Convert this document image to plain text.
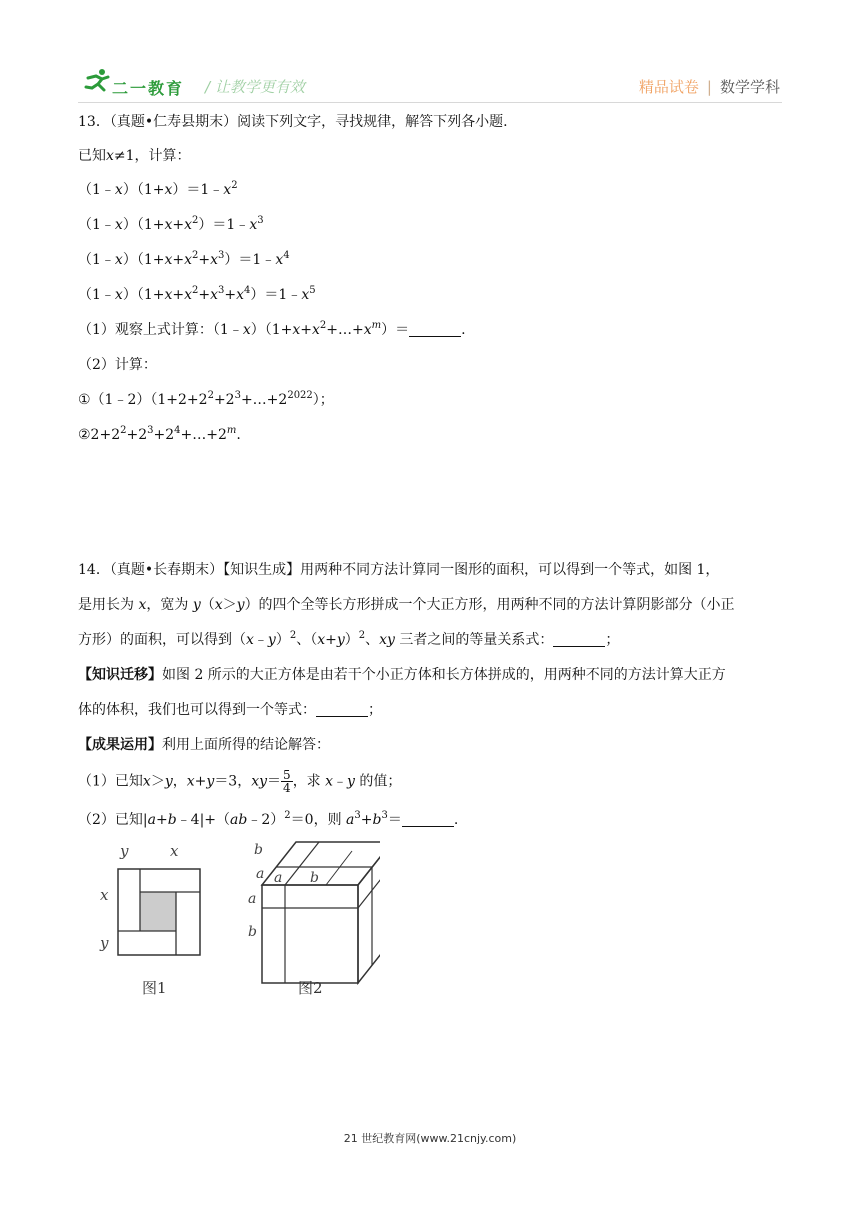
二一教育 / 让教学更有效	精品试卷 | 数学学科
13．（真题•仁寿县期末）阅读下列文字，寻找规律，解答下列各小题.
已知x≠1，计算：
$(1﹣x)(1+x)=1﹣x^2$
$(1﹣x)(1+x+x^2)=1﹣x^3$
$(1﹣x)(1+x+x^2+x^3)=1﹣x^4$
$(1﹣x)(1+x+x^2+x^3+x^4)=1﹣x^5$
（1）观察上式计算：$(1﹣x)(1+x+x^2+\dots+x^m)=$	.
（2）计算：
$①(1﹣2)(1+2+2^2+2^3+\dots+2^{2022})$；
$②2+2^2+2^3+2^4+\dots+2^m$.
14．（真题•长春期末）【知识生成】用两种不同方法计算同一图形的面积，可以得到一个等式，如图 1，
是用长为 x，宽为 y（x＞y）的四个全等长方形拼成一个大正方形，用两种不同的方法计算阴影部分（小正
方形）的面积，可以得到（x﹣y）$^2$、$(x+y)^2$、xy 三者之间的等量关系式：	；
【知识迁移】如图 2 所示的大正方体是由若干个小正方体和长方体拼成的，用两种不同的方法计算大正方
体的体积，我们也可以得到一个等式：	；
【成果运用】利用上面所得的结论解答：
（1）已知x＞y，x+y＝3，$xy= \frac{5}{4}$ ，求 x﹣y 的值；
（2）已知|a+b﹣4|+（ab﹣2）$^2$＝0，则 $a^3+b^3=$	.
y	x
x
y
图1
b
a a b
a
b
图2
21 世纪教育网(www.21cnjy.com)
